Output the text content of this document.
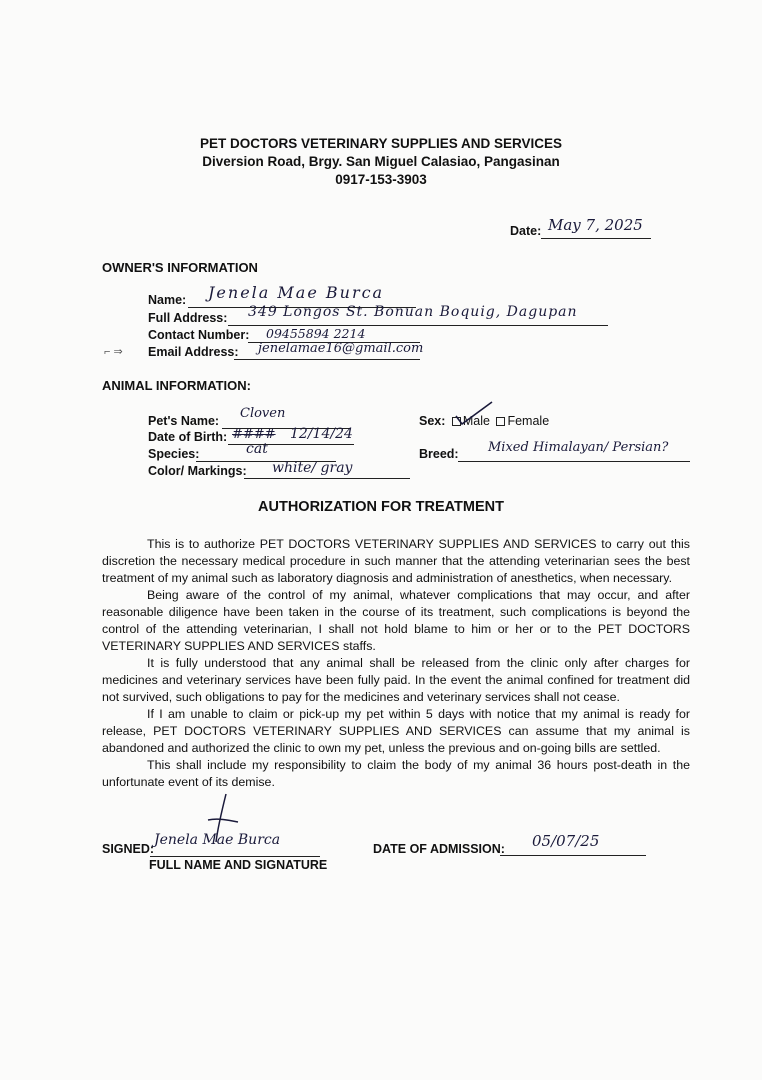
PET DOCTORS VETERINARY SUPPLIES AND SERVICES
Diversion Road, Brgy. San Miguel Calasiao, Pangasinan
0917-153-3903
Date: May 7, 2025
OWNER'S INFORMATION
Name: Jenela Mae Burca
Full Address: 349 Longos St. Bonuan Boquig, Dagupan
Contact Number: 09455894 2214
⌐ ⇒ Email Address: jenelamae16@gmail.com
ANIMAL INFORMATION:
Pet's Name: Cloven
Date of Birth: #### 12/14/24
Species:	cat
Color/ Markings: white/ gray
Sex: Male Female
Breed: Mixed Himalayan/ Persian?
AUTHORIZATION FOR TREATMENT

This is to authorize PET DOCTORS VETERINARY SUPPLIES AND SERVICES to carry out this discretion the necessary medical procedure in such manner that the attending veterinarian sees the best treatment of my animal such as laboratory diagnosis and administration of anesthetics, when necessary.

Being aware of the control of my animal, whatever complications that may occur, and after reasonable diligence have been taken in the course of its treatment, such complications is beyond the control of the attending veterinarian, I shall not hold blame to him or her or to the PET DOCTORS VETERINARY SUPPLIES AND SERVICES staffs.

It is fully understood that any animal shall be released from the clinic only after charges for medicines and veterinary services have been fully paid. In the event the animal confined for treatment did not survived, such obligations to pay for the medicines and veterinary services shall not cease.

If I am unable to claim or pick-up my pet within 5 days with notice that my animal is ready for release, PET DOCTORS VETERINARY SUPPLIES AND SERVICES can assume that my animal is abandoned and authorized the clinic to own my pet, unless the previous and on-going bills are settled.

This shall include my responsibility to claim the body of my animal 36 hours post-death in the unfortunate event of its demise.

SIGNED:
Jenela Mae Burca
FULL NAME AND SIGNATURE
DATE OF ADMISSION: 05/07/25
